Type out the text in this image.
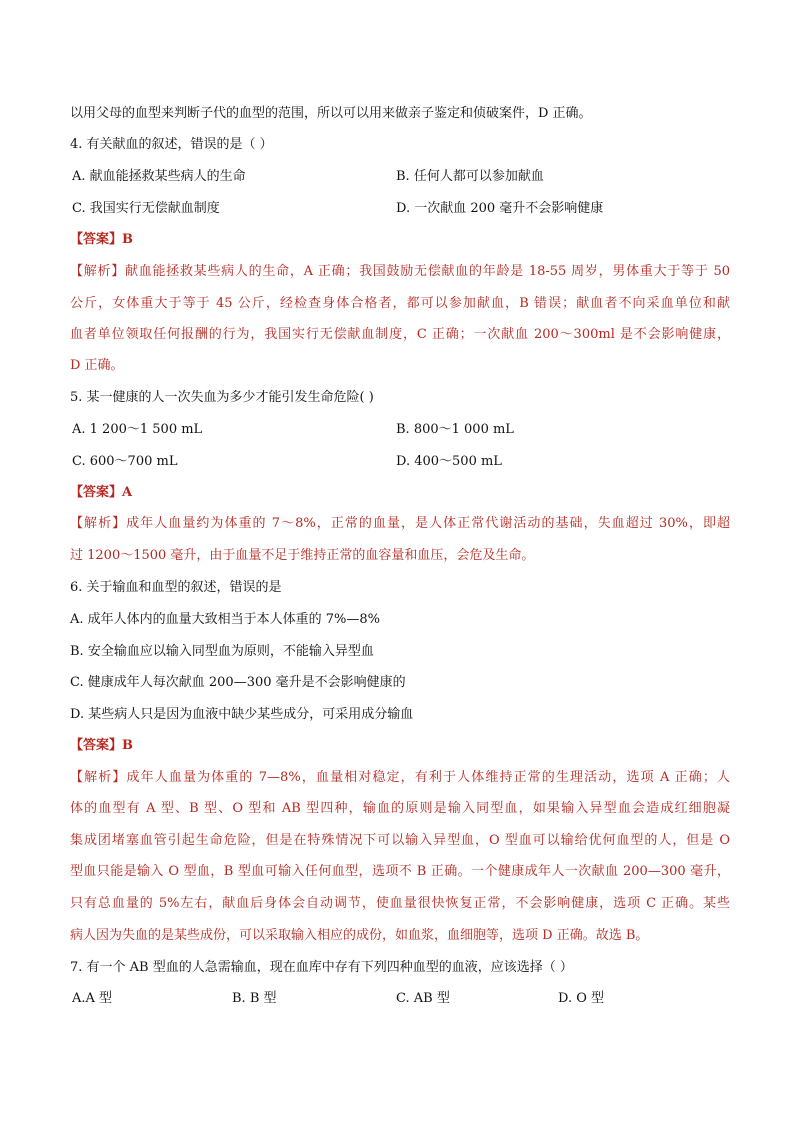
以用父母的血型来判断子代的血型的范围，所以可以用来做亲子鉴定和侦破案件，D 正确。
4. 有关献血的叙述，错误的是（ ）
A. 献血能拯救某些病人的生命	B. 任何人都可以参加献血
C. 我国实行无偿献血制度	D. 一次献血 200 毫升不会影响健康
【答案】B
【解析】献血能拯救某些病人的生命，A 正确；我国鼓励无偿献血的年龄是 18-55 周岁，男体重大于等于 50
公斤，女体重大于等于 45 公斤，经检查身体合格者，都可以参加献血，B 错误；献血者不向采血单位和献
血者单位领取任何报酬的行为，我国实行无偿献血制度，C 正确；一次献血 200～300ml 是不会影响健康，
D 正确。
5. 某一健康的人一次失血为多少才能引发生命危险( )
A. 1 200～1 500 mL	B. 800～1 000 mL
C. 600～700 mL	D. 400～500 mL
【答案】A
【解析】成年人血量约为体重的 7～8%，正常的血量，是人体正常代谢活动的基础，失血超过 30%，即超
过 1200～1500 毫升，由于血量不足于维持正常的血容量和血压，会危及生命。
6. 关于输血和血型的叙述，错误的是
A. 成年人体内的血量大致相当于本人体重的 7%—8%
B. 安全输血应以输入同型血为原则，不能输入异型血
C. 健康成年人每次献血 200—300 毫升是不会影响健康的
D. 某些病人只是因为血液中缺少某些成分，可采用成分输血
【答案】B
【解析】成年人血量为体重的 7—8%，血量相对稳定，有利于人体维持正常的生理活动，选项 A 正确；人
体的血型有 A 型、B 型、O 型和 AB 型四种，输血的原则是输入同型血，如果输入异型血会造成红细胞凝
集成团堵塞血管引起生命危险，但是在特殊情况下可以输入异型血，O 型血可以输给优何血型的人，但是 O
型血只能是输入 O 型血，B 型血可输入任何血型，选项不 B 正确。一个健康成年人一次献血 200—300 毫升，
只有总血量的 5%左右，献血后身体会自动调节，使血量很快恢复正常，不会影响健康，选项 C 正确。某些
病人因为失血的是某些成份，可以采取输入相应的成份，如血浆，血细胞等，选项 D 正确。故选 B。
7. 有一个 AB 型血的人急需输血，现在血库中存有下列四种血型的血液，应该选择（ ）
A.A 型	B. B 型	C. AB 型	D. O 型
